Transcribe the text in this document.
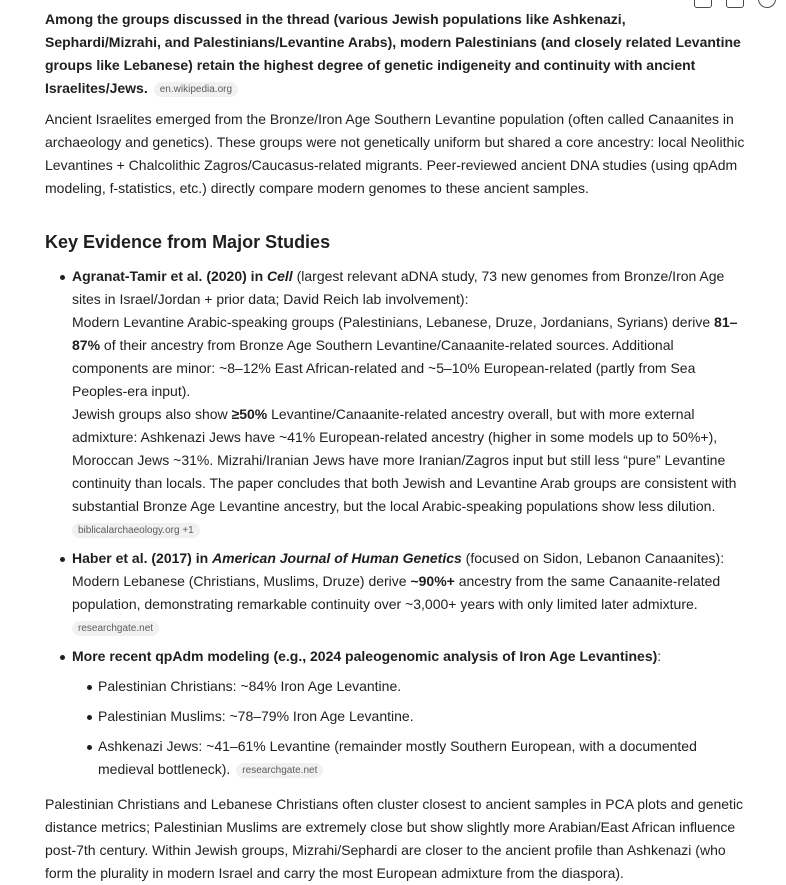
Among the groups discussed in the thread (various Jewish populations like Ashkenazi, Sephardi/Mizrahi, and Palestinians/Levantine Arabs), modern Palestinians (and closely related Levantine groups like Lebanese) retain the highest degree of genetic indigeneity and continuity with ancient Israelites/Jews. en.wikipedia.org

Ancient Israelites emerged from the Bronze/Iron Age Southern Levantine population (often called Canaanites in archaeology and genetics). These groups were not genetically uniform but shared a core ancestry: local Neolithic Levantines + Chalcolithic Zagros/Caucasus-related migrants. Peer-reviewed ancient DNA studies (using qpAdm modeling, f-statistics, etc.) directly compare modern genomes to these ancient samples.

Key Evidence from Major Studies

Agranat-Tamir et al. (2020) in Cell (largest relevant aDNA study, 73 new genomes from Bronze/Iron Age sites in Israel/Jordan + prior data; David Reich lab involvement):

Modern Levantine Arabic-speaking groups (Palestinians, Lebanese, Druze, Jordanians, Syrians) derive 81–87% of their ancestry from Bronze Age Southern Levantine/Canaanite-related sources. Additional components are minor: ~8–12% East African-related and ~5–10% European-related (partly from Sea Peoples-era input).

Jewish groups also show ≥50% Levantine/Canaanite-related ancestry overall, but with more external admixture: Ashkenazi Jews have ~41% European-related ancestry (higher in some models up to 50%+), Moroccan Jews ~31%. Mizrahi/Iranian Jews have more Iranian/Zagros input but still less “pure” Levantine continuity than locals. The paper concludes that both Jewish and Levantine Arab groups are consistent with substantial Bronze Age Levantine ancestry, but the local Arabic-speaking populations show less dilution.

biblicalarchaeology.org +1

Haber et al. (2017) in American Journal of Human Genetics (focused on Sidon, Lebanon Canaanites):

Modern Lebanese (Christians, Muslims, Druze) derive ~90%+ ancestry from the same Canaanite-related population, demonstrating remarkable continuity over ~3,000+ years with only limited later admixture.

researchgate.net

More recent qpAdm modeling (e.g., 2024 paleogenomic analysis of Iron Age Levantines):

Palestinian Christians: ~84% Iron Age Levantine.
Palestinian Muslims: ~78–79% Iron Age Levantine.
Ashkenazi Jews: ~41–61% Levantine (remainder mostly Southern European, with a documented medieval bottleneck). researchgate.net

Palestinian Christians and Lebanese Christians often cluster closest to ancient samples in PCA plots and genetic distance metrics; Palestinian Muslims are extremely close but show slightly more Arabian/East African influence post-7th century. Within Jewish groups, Mizrahi/Sephardi are closer to the ancient profile than Ashkenazi (who form the plurality in modern Israel and carry the most European admixture from the diaspora).
